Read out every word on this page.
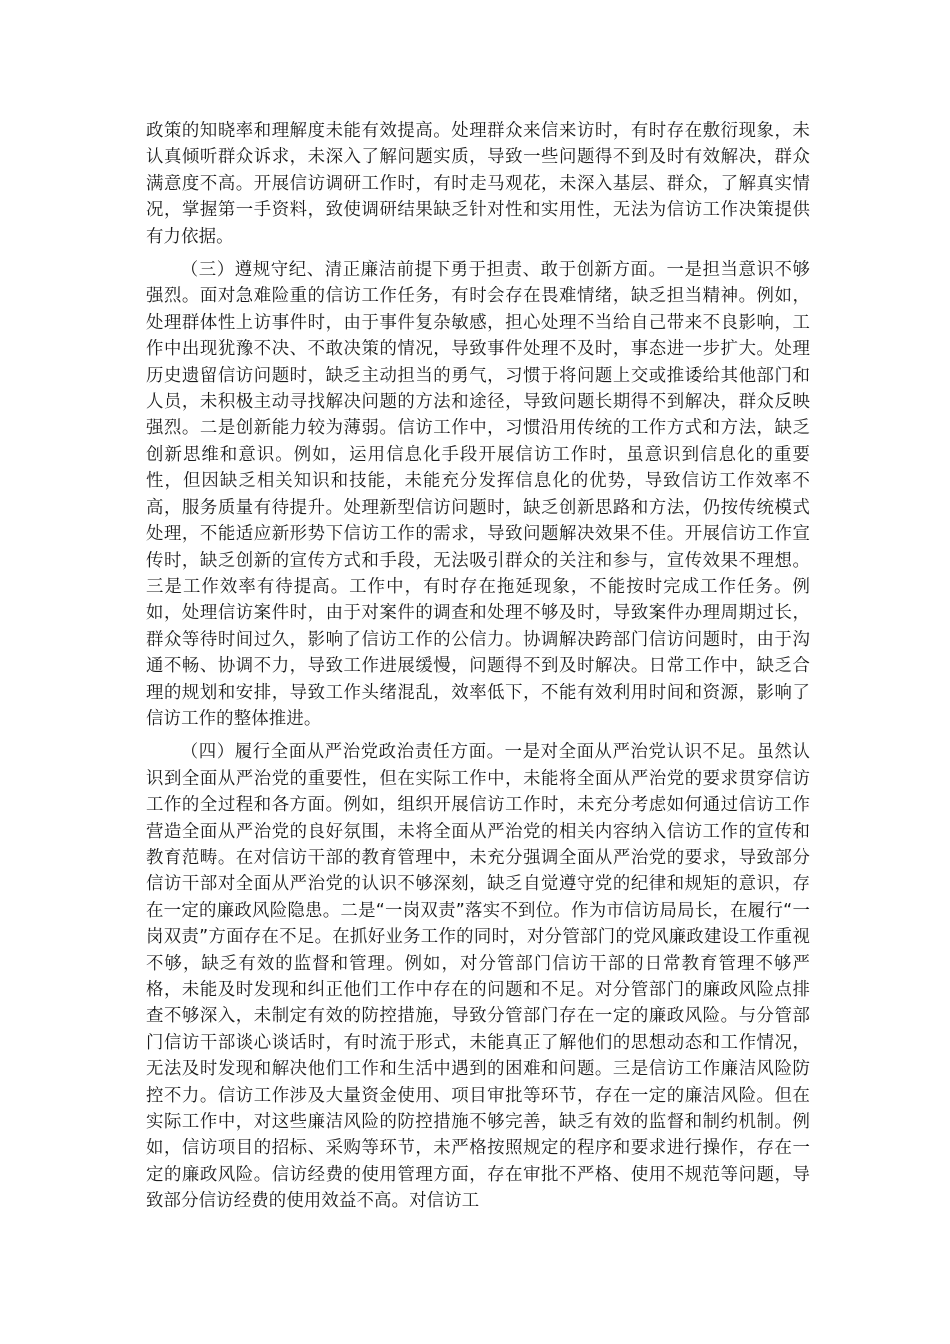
政策的知晓率和理解度未能有效提高。处理群众来信来访时，有时存在敷衍现象，未认真倾听群众诉求，未深入了解问题实质，导致一些问题得不到及时有效解决，群众满意度不高。开展信访调研工作时，有时走马观花，未深入基层、群众，了解真实情况，掌握第一手资料，致使调研结果缺乏针对性和实用性，无法为信访工作决策提供有力依据。

（三）遵规守纪、清正廉洁前提下勇于担责、敢于创新方面。一是担当意识不够强烈。面对急难险重的信访工作任务，有时会存在畏难情绪，缺乏担当精神。例如，处理群体性上访事件时，由于事件复杂敏感，担心处理不当给自己带来不良影响，工作中出现犹豫不决、不敢决策的情况，导致事件处理不及时，事态进一步扩大。处理历史遗留信访问题时，缺乏主动担当的勇气，习惯于将问题上交或推诿给其他部门和人员，未积极主动寻找解决问题的方法和途径，导致问题长期得不到解决，群众反映强烈。二是创新能力较为薄弱。信访工作中，习惯沿用传统的工作方式和方法，缺乏创新思维和意识。例如，运用信息化手段开展信访工作时，虽意识到信息化的重要性，但因缺乏相关知识和技能，未能充分发挥信息化的优势，导致信访工作效率不高，服务质量有待提升。处理新型信访问题时，缺乏创新思路和方法，仍按传统模式处理，不能适应新形势下信访工作的需求，导致问题解决效果不佳。开展信访工作宣传时，缺乏创新的宣传方式和手段，无法吸引群众的关注和参与，宣传效果不理想。三是工作效率有待提高。工作中，有时存在拖延现象，不能按时完成工作任务。例如，处理信访案件时，由于对案件的调查和处理不够及时，导致案件办理周期过长，群众等待时间过久，影响了信访工作的公信力。协调解决跨部门信访问题时，由于沟通不畅、协调不力，导致工作进展缓慢，问题得不到及时解决。日常工作中，缺乏合理的规划和安排，导致工作头绪混乱，效率低下，不能有效利用时间和资源，影响了信访工作的整体推进。

（四）履行全面从严治党政治责任方面。一是对全面从严治党认识不足。虽然认识到全面从严治党的重要性，但在实际工作中，未能将全面从严治党的要求贯穿信访工作的全过程和各方面。例如，组织开展信访工作时，未充分考虑如何通过信访工作营造全面从严治党的良好氛围，未将全面从严治党的相关内容纳入信访工作的宣传和教育范畴。在对信访干部的教育管理中，未充分强调全面从严治党的要求，导致部分信访干部对全面从严治党的认识不够深刻，缺乏自觉遵守党的纪律和规矩的意识，存在一定的廉政风险隐患。二是“一岗双责”落实不到位。作为市信访局局长，在履行“一岗双责”方面存在不足。在抓好业务工作的同时，对分管部门的党风廉政建设工作重视不够，缺乏有效的监督和管理。例如，对分管部门信访干部的日常教育管理不够严格，未能及时发现和纠正他们工作中存在的问题和不足。对分管部门的廉政风险点排查不够深入，未制定有效的防控措施，导致分管部门存在一定的廉政风险。与分管部门信访干部谈心谈话时，有时流于形式，未能真正了解他们的思想动态和工作情况，无法及时发现和解决他们工作和生活中遇到的困难和问题。三是信访工作廉洁风险防控不力。信访工作涉及大量资金使用、项目审批等环节，存在一定的廉洁风险。但在实际工作中，对这些廉洁风险的防控措施不够完善，缺乏有效的监督和制约机制。例如，信访项目的招标、采购等环节，未严格按照规定的程序和要求进行操作，存在一定的廉政风险。信访经费的使用管理方面，存在审批不严格、使用不规范等问题，导致部分信访经费的使用效益不高。对信访工
